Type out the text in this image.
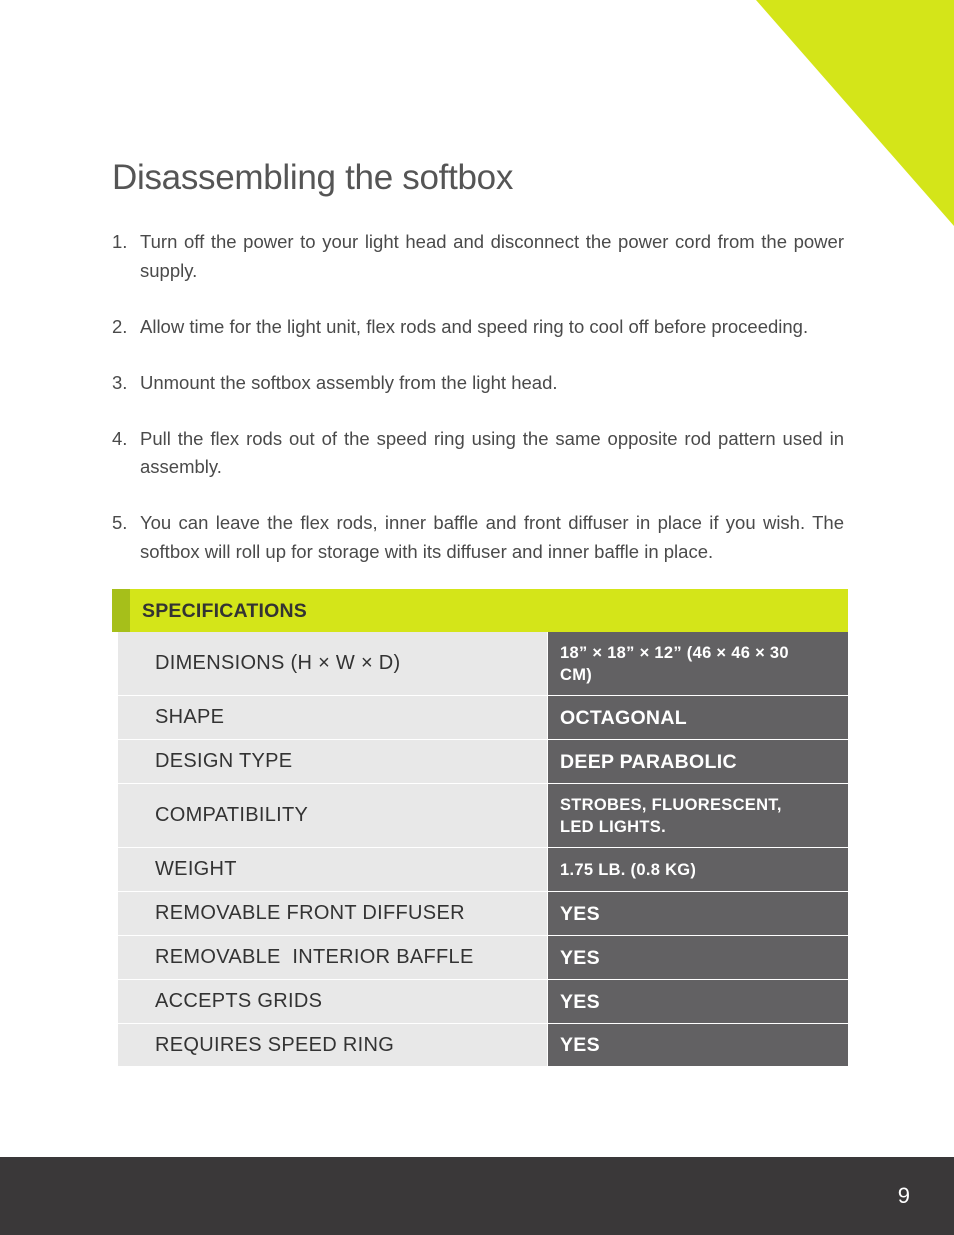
Disassembling the softbox
1. Turn off the power to your light head and disconnect the power cord from the power supply.
2. Allow time for the light unit, flex rods and speed ring to cool off before proceeding.
3. Unmount the softbox assembly from the light head.
4. Pull the flex rods out of the speed ring using the same opposite rod pattern used in assembly.
5. You can leave the flex rods, inner baffle and front diffuser in place if you wish. The softbox will roll up for storage with its diffuser and inner baffle in place.
SPECIFICATIONS
DIMENSIONS (H × W × D)	18” × 18” × 12” (46 × 46 × 30 CM)
SHAPE	OCTAGONAL
DESIGN TYPE	DEEP PARABOLIC
COMPATIBILITY	STROBES, FLUORESCENT, LED LIGHTS.
WEIGHT	1.75 LB. (0.8 KG)
REMOVABLE FRONT DIFFUSER	YES
REMOVABLE  INTERIOR BAFFLE	YES
ACCEPTS GRIDS	YES
REQUIRES SPEED RING	YES
9
